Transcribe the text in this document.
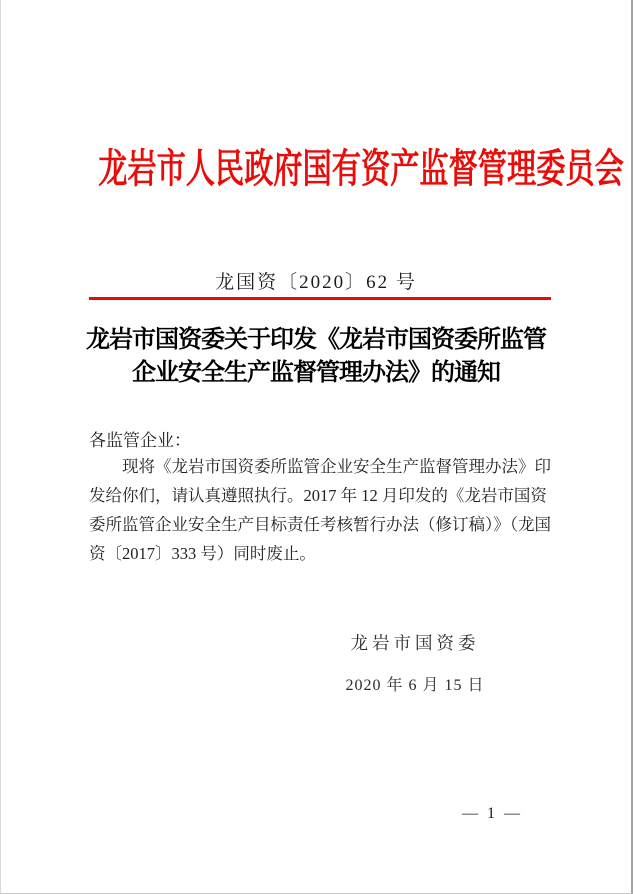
龙岩市人民政府国有资产监督管理委员会
龙国资〔2020〕62 号
龙岩市国资委关于印发《龙岩市国资委所监管
企业安全生产监督管理办法》的通知
各监管企业：
现将《龙岩市国资委所监管企业安全生产监督管理办法》印
发给你们，请认真遵照执行。2017 年 12 月印发的《龙岩市国资
委所监管企业安全生产目标责任考核暂行办法（修订稿）》（龙国
资〔2017〕333 号）同时废止。
龙岩市国资委
2020 年 6 月 15 日
— 1 —
